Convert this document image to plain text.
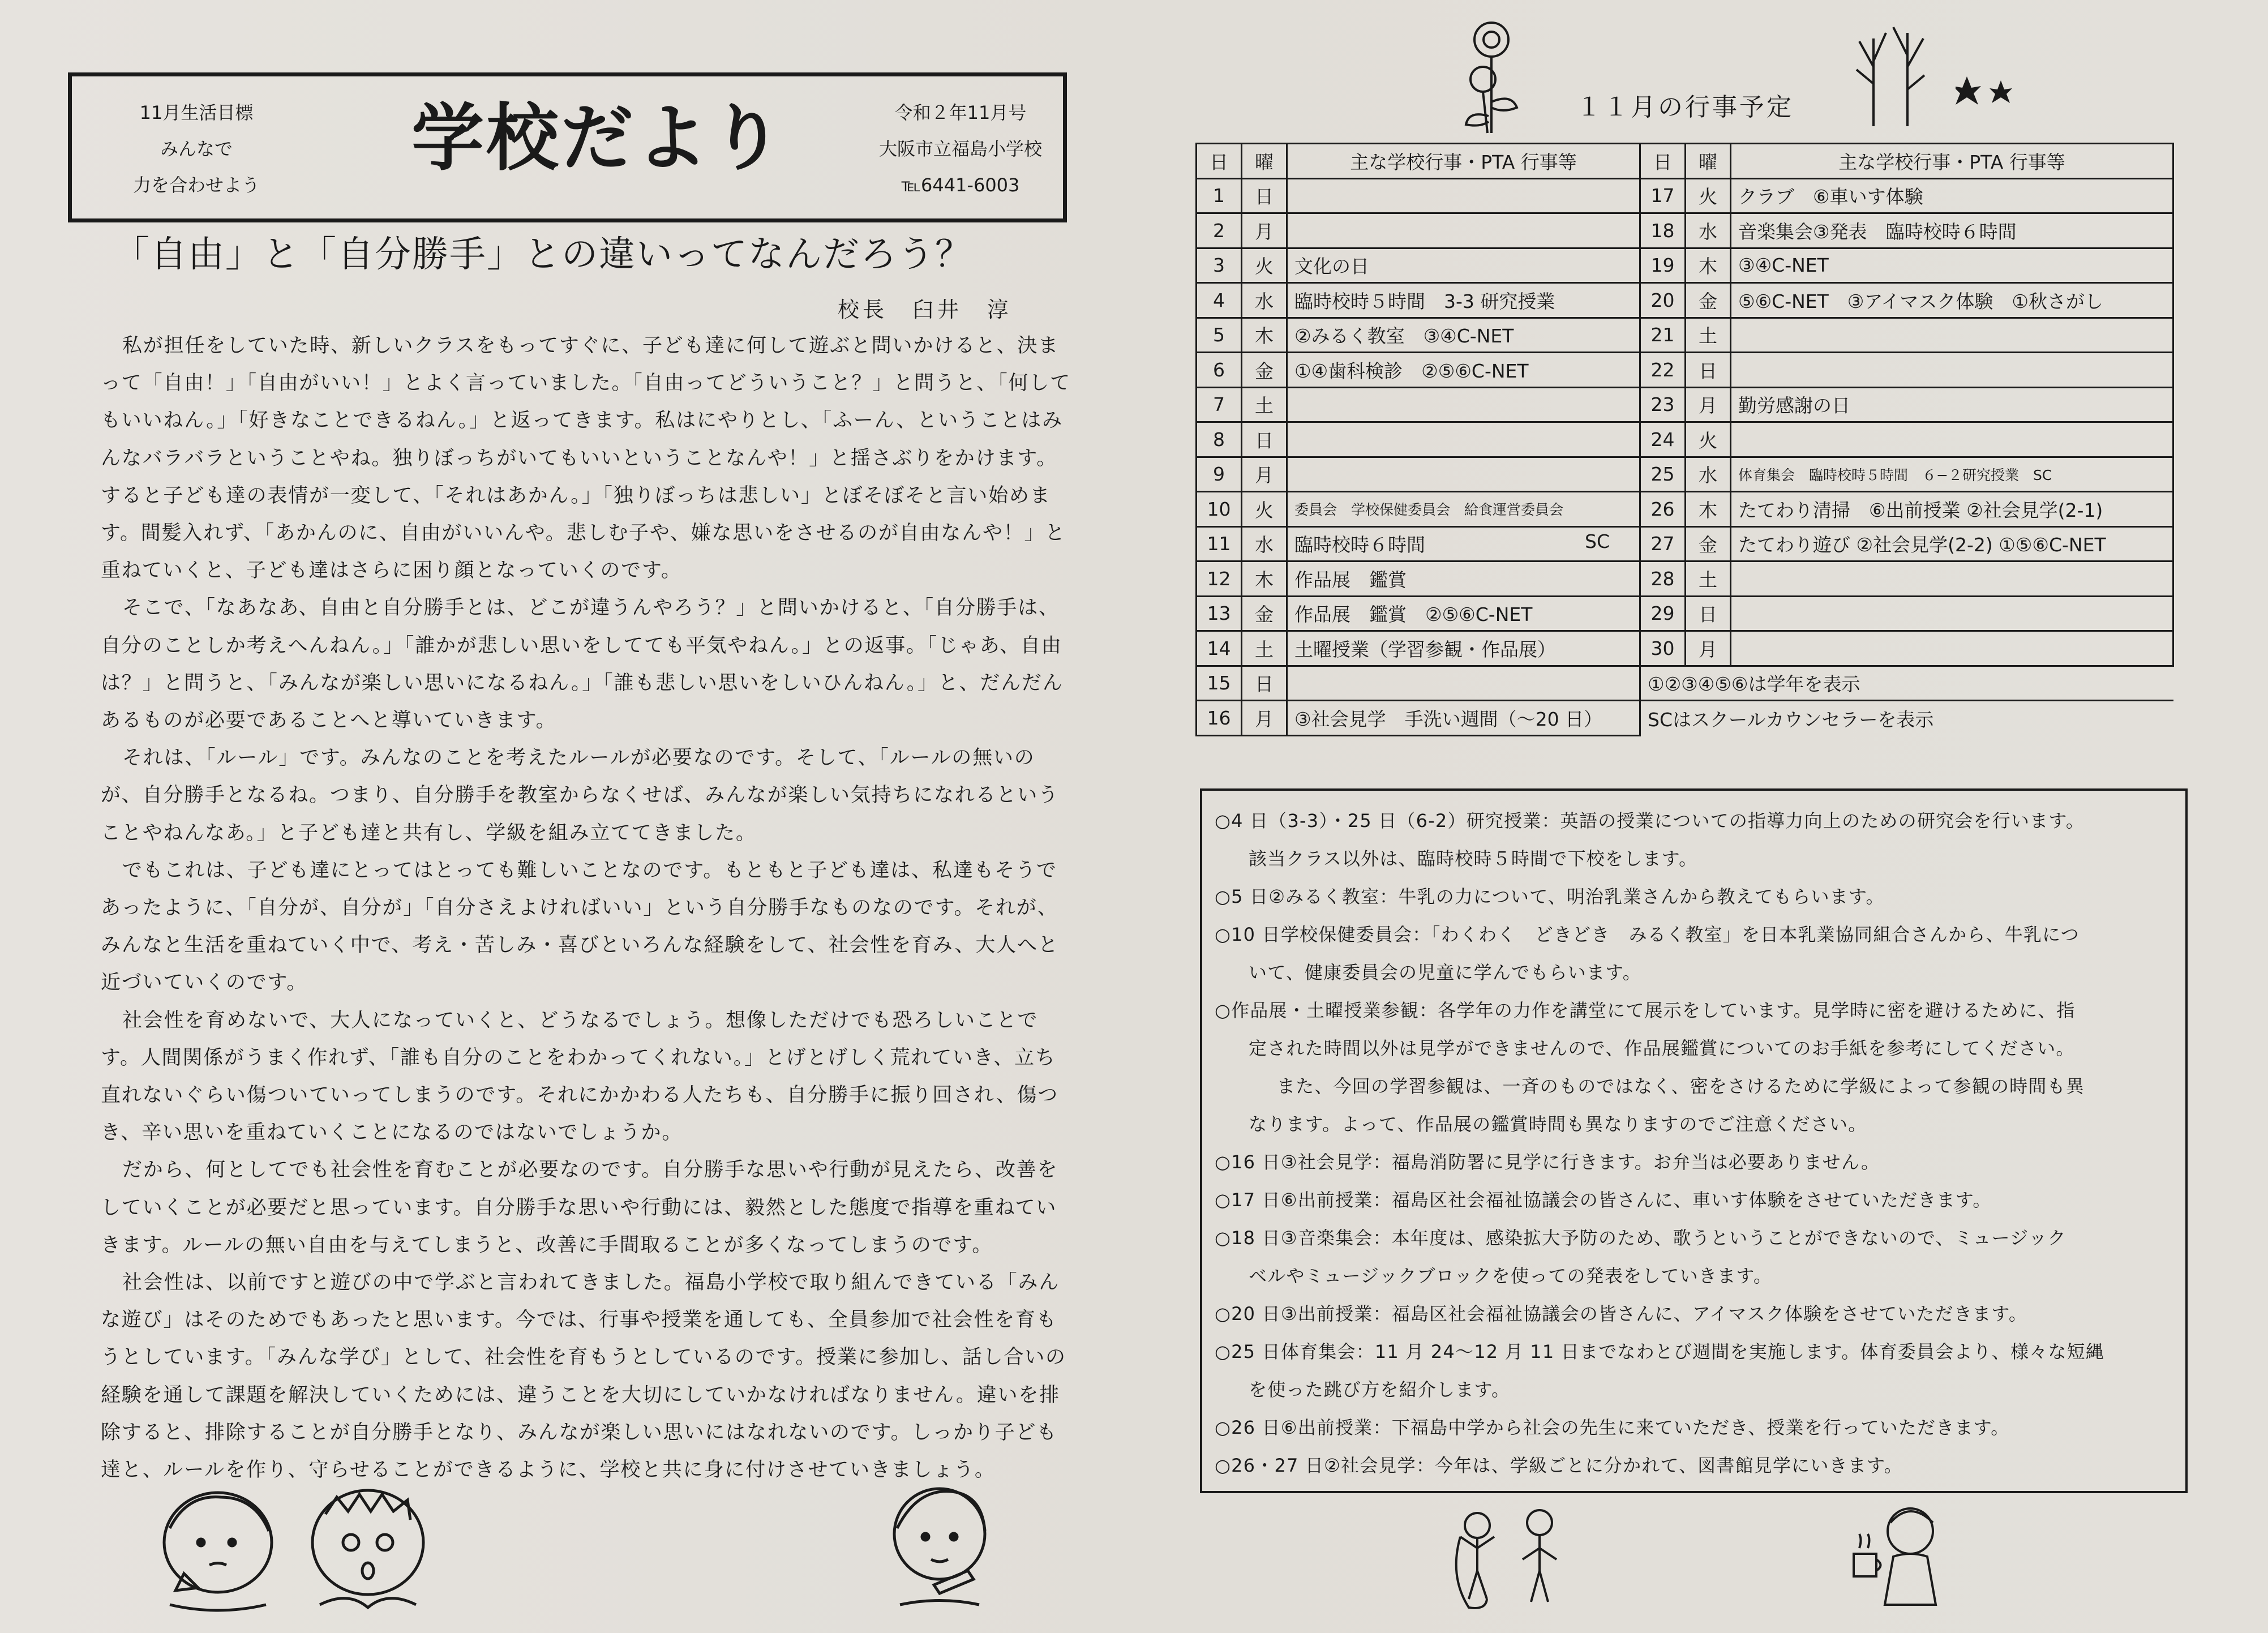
11月生活目標
みんなで
力を合わせよう
学校だより	令和２年11月号
大阪市立福島小学校
℡6441-6003
「自由」と「自分勝手」との違いってなんだろう？
校長　臼井　淳

私が担任をしていた時、新しいクラスをもってすぐに、子ども達に何して遊ぶと問いかけると、決まって「自由！」「自由がいい！」とよく言っていました。「自由ってどういうこと？」と問うと、「何してもいいねん。」「好きなことできるねん。」と返ってきます。私はにやりとし、「ふーん、ということはみんなバラバラということやね。独りぼっちがいてもいいということなんや！」と揺さぶりをかけます。すると子ども達の表情が一変して、「それはあかん。」「独りぼっちは悲しい」とぼそぼそと言い始めます。間髪入れず、「あかんのに、自由がいいんや。悲しむ子や、嫌な思いをさせるのが自由なんや！」と重ねていくと、子ども達はさらに困り顔となっていくのです。

そこで、「なあなあ、自由と自分勝手とは、どこが違うんやろう？」と問いかけると、「自分勝手は、自分のことしか考えへんねん。」「誰かが悲しい思いをしてても平気やねん。」との返事。「じゃあ、自由は？」と問うと、「みんなが楽しい思いになるねん。」「誰も悲しい思いをしいひんねん。」と、だんだんあるものが必要であることへと導いていきます。

それは、「ルール」です。みんなのことを考えたルールが必要なのです。そして、「ルールの無いのが、自分勝手となるね。つまり、自分勝手を教室からなくせば、みんなが楽しい気持ちになれるということやねんなあ。」と子ども達と共有し、学級を組み立ててきました。

でもこれは、子ども達にとってはとっても難しいことなのです。もともと子ども達は、私達もそうであったように、「自分が、自分が」「自分さえよければいい」という自分勝手なものなのです。それが、みんなと生活を重ねていく中で、考え・苦しみ・喜びといろんな経験をして、社会性を育み、大人へと近づいていくのです。

社会性を育めないで、大人になっていくと、どうなるでしょう。想像しただけでも恐ろしいことです。人間関係がうまく作れず、「誰も自分のことをわかってくれない。」とげとげしく荒れていき、立ち直れないぐらい傷ついていってしまうのです。それにかかわる人たちも、自分勝手に振り回され、傷つき、辛い思いを重ねていくことになるのではないでしょうか。

だから、何としてでも社会性を育むことが必要なのです。自分勝手な思いや行動が見えたら、改善をしていくことが必要だと思っています。自分勝手な思いや行動には、毅然とした態度で指導を重ねていきます。ルールの無い自由を与えてしまうと、改善に手間取ることが多くなってしまうのです。

社会性は、以前ですと遊びの中で学ぶと言われてきました。福島小学校で取り組んできている「みんな遊び」はそのためでもあったと思います。今では、行事や授業を通しても、全員参加で社会性を育もうとしています。「みんな学び」として、社会性を育もうとしているのです。授業に参加し、話し合いの経験を通して課題を解決していくためには、違うことを大切にしていかなければなりません。違いを排除すると、排除することが自分勝手となり、みんなが楽しい思いにはなれないのです。しっかり子ども達と、ルールを作り、守らせることができるように、学校と共に身に付けさせていきましょう。

１１月の行事予定
日	曜	主な学校行事・PTA 行事等	日	曜	主な学校行事・PTA 行事等
1	日		17	火	クラブ　⑥車いす体験
2	月		18	水	音楽集会③発表　臨時校時６時間
3	火	文化の日	19	木	③④C-NET
4	水	臨時校時５時間　3-3 研究授業	20	金	⑤⑥C-NET　③アイマスク体験　①秋さがし
5	木	②みるく教室　③④C-NET	21	土	
6	金	①④歯科検診　②⑤⑥C-NET	22	日	
7	土		23	月	勤労感謝の日
8	日		24	火	
9	月		25	水	体育集会　臨時校時５時間　６−２研究授業　SC
10	火	委員会　学校保健委員会　給食運営委員会	26	木	たてわり清掃　⑥出前授業 ②社会見学(2-1)
11	水	臨時校時６時間 SC	27	金	たてわり遊び ②社会見学(2-2) ①⑤⑥C-NET
12	木	作品展　鑑賞	28	土	
13	金	作品展　鑑賞　②⑤⑥C-NET	29	日	
14	土	土曜授業（学習参観・作品展）	30	月	
15	日		①②③④⑤⑥は学年を表示		
16	月	③社会見学　手洗い週間（～20 日）	SCはスクールカウンセラーを表示		
○4 日（3-3）・25 日（6-2）研究授業：英語の授業についての指導力向上のための研究会を行います。
該当クラス以外は、臨時校時５時間で下校をします。
○5 日②みるく教室：牛乳の力について、明治乳業さんから教えてもらいます。
○10 日学校保健委員会：「わくわく　どきどき　みるく教室」を日本乳業協同組合さんから、牛乳につ
いて、健康委員会の児童に学んでもらいます。
○作品展・土曜授業参観：各学年の力作を講堂にて展示をしています。見学時に密を避けるために、指
定された時間以外は見学ができませんので、作品展鑑賞についてのお手紙を参考にしてください。
また、今回の学習参観は、一斉のものではなく、密をさけるために学級によって参観の時間も異
なります。よって、作品展の鑑賞時間も異なりますのでご注意ください。
○16 日③社会見学：福島消防署に見学に行きます。お弁当は必要ありません。
○17 日⑥出前授業：福島区社会福祉協議会の皆さんに、車いす体験をさせていただきます。
○18 日③音楽集会：本年度は、感染拡大予防のため、歌うということができないので、ミュージック
ベルやミュージックブロックを使っての発表をしていきます。
○20 日③出前授業：福島区社会福祉協議会の皆さんに、アイマスク体験をさせていただきます。
○25 日体育集会：11 月 24～12 月 11 日までなわとび週間を実施します。体育委員会より、様々な短縄
を使った跳び方を紹介します。
○26 日⑥出前授業：下福島中学から社会の先生に来ていただき、授業を行っていただきます。
○26・27 日②社会見学：今年は、学級ごとに分かれて、図書館見学にいきます。
